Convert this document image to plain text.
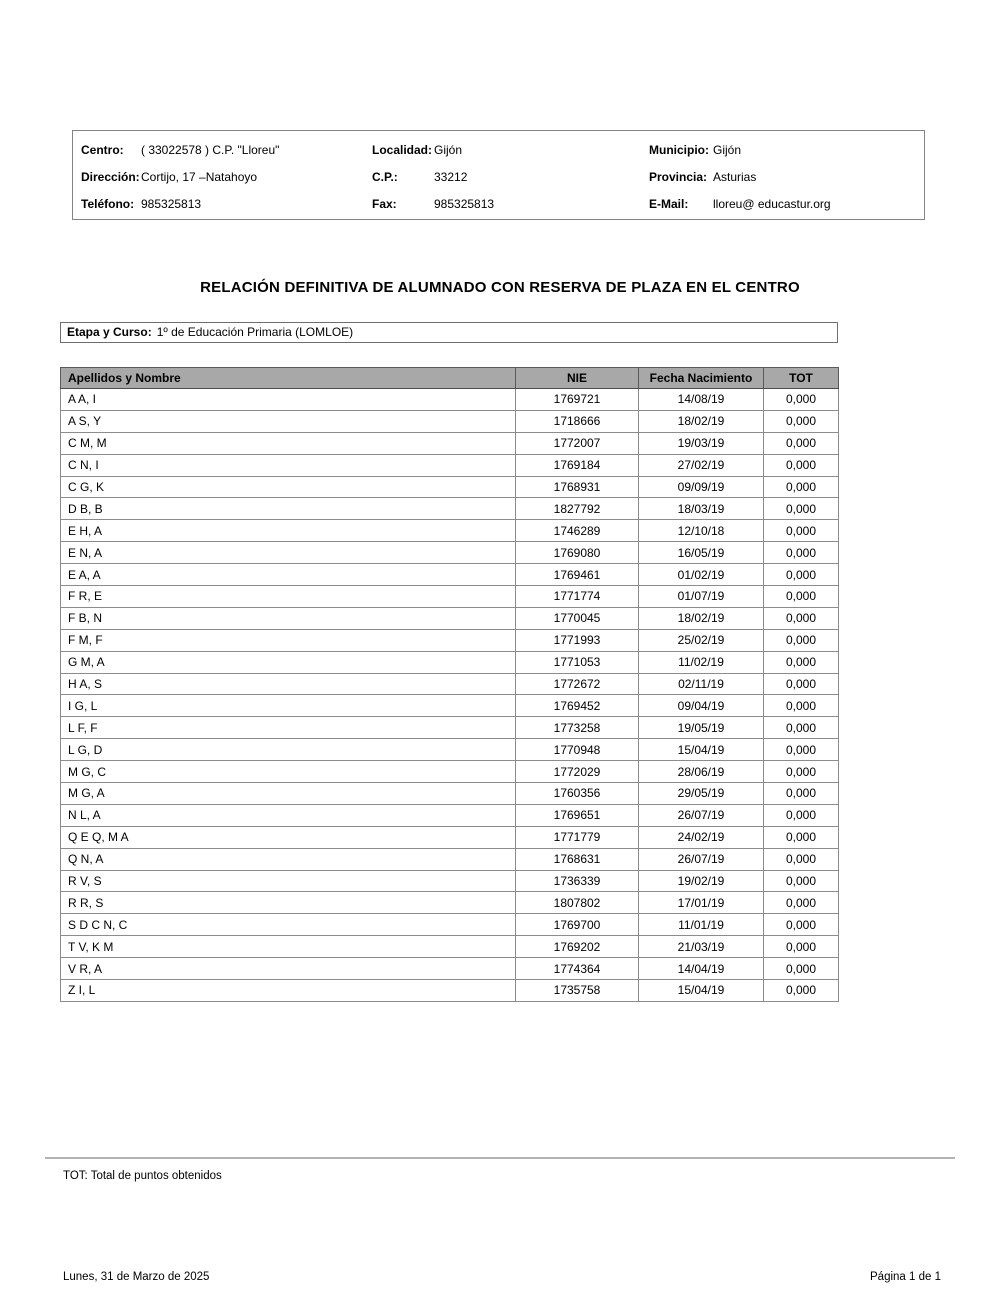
Centro: ( 33022578 ) C.P. "Lloreu"	Localidad: Gijón	Municipio: Gijón
Dirección:Cortijo, 17 –Natahoyo	C.P.:	33212	Provincia: Asturias
Teléfono: 985325813	Fax:	985325813	E-Mail: lloreu@ educastur.org
RELACIÓN DEFINITIVA DE ALUMNADO CON RESERVA DE PLAZA EN EL CENTRO
Etapa y Curso: 1º de Educación Primaria (LOMLOE)
Apellidos y Nombre	NIE	Fecha Nacimiento	TOT
A A, I	1769721	14/08/19	0,000
A S, Y	1718666	18/02/19	0,000
C M, M	1772007	19/03/19	0,000
C N, I	1769184	27/02/19	0,000
C G, K	1768931	09/09/19	0,000
D B, B	1827792	18/03/19	0,000
E H, A	1746289	12/10/18	0,000
E N, A	1769080	16/05/19	0,000
E A, A	1769461	01/02/19	0,000
F R, E	1771774	01/07/19	0,000
F B, N	1770045	18/02/19	0,000
F M, F	1771993	25/02/19	0,000
G M, A	1771053	11/02/19	0,000
H A, S	1772672	02/11/19	0,000
I G, L	1769452	09/04/19	0,000
L F, F	1773258	19/05/19	0,000
L G, D	1770948	15/04/19	0,000
M G, C	1772029	28/06/19	0,000
M G, A	1760356	29/05/19	0,000
N L, A	1769651	26/07/19	0,000
Q E Q, M A	1771779	24/02/19	0,000
Q N, A	1768631	26/07/19	0,000
R V, S	1736339	19/02/19	0,000
R R, S	1807802	17/01/19	0,000
S D C N, C	1769700	11/01/19	0,000
T V, K M	1769202	21/03/19	0,000
V R, A	1774364	14/04/19	0,000
Z I, L	1735758	15/04/19	0,000
TOT: Total de puntos obtenidos
Lunes, 31 de Marzo de 2025	Página 1 de 1
